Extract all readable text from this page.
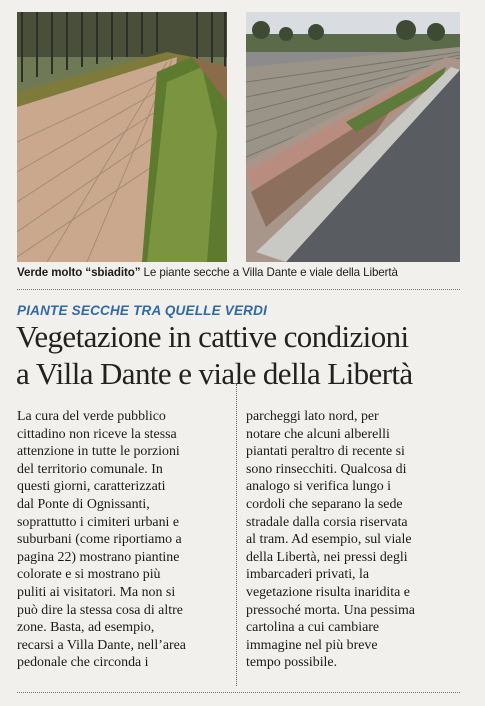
Verde molto “sbiadito” Le piante secche a Villa Dante e viale della Libertà
PIANTE SECCHE TRA QUELLE VERDI
Vegetazione in cattive condizioni
a Villa Dante e viale della Libertà
La cura del verde pubblico
cittadino non riceve la stessa
attenzione in tutte le porzioni
del territorio comunale. In
questi giorni, caratterizzati
dal Ponte di Ognissanti,
soprattutto i cimiteri urbani e
suburbani (come riportiamo a
pagina 22) mostrano piantine
colorate e si mostrano più
puliti ai visitatori. Ma non si
può dire la stessa cosa di altre
zone. Basta, ad esempio,
recarsi a Villa Dante, nell’area
pedonale che circonda i
parcheggi lato nord, per
notare che alcuni alberelli
piantati peraltro di recente si
sono rinsecchiti. Qualcosa di
analogo si verifica lungo i
cordoli che separano la sede
stradale dalla corsia riservata
al tram. Ad esempio, sul viale
della Libertà, nei pressi degli
imbarcaderi privati, la
vegetazione risulta inaridita e
pressoché morta. Una pessima
cartolina a cui cambiare
immagine nel più breve
tempo possibile.
